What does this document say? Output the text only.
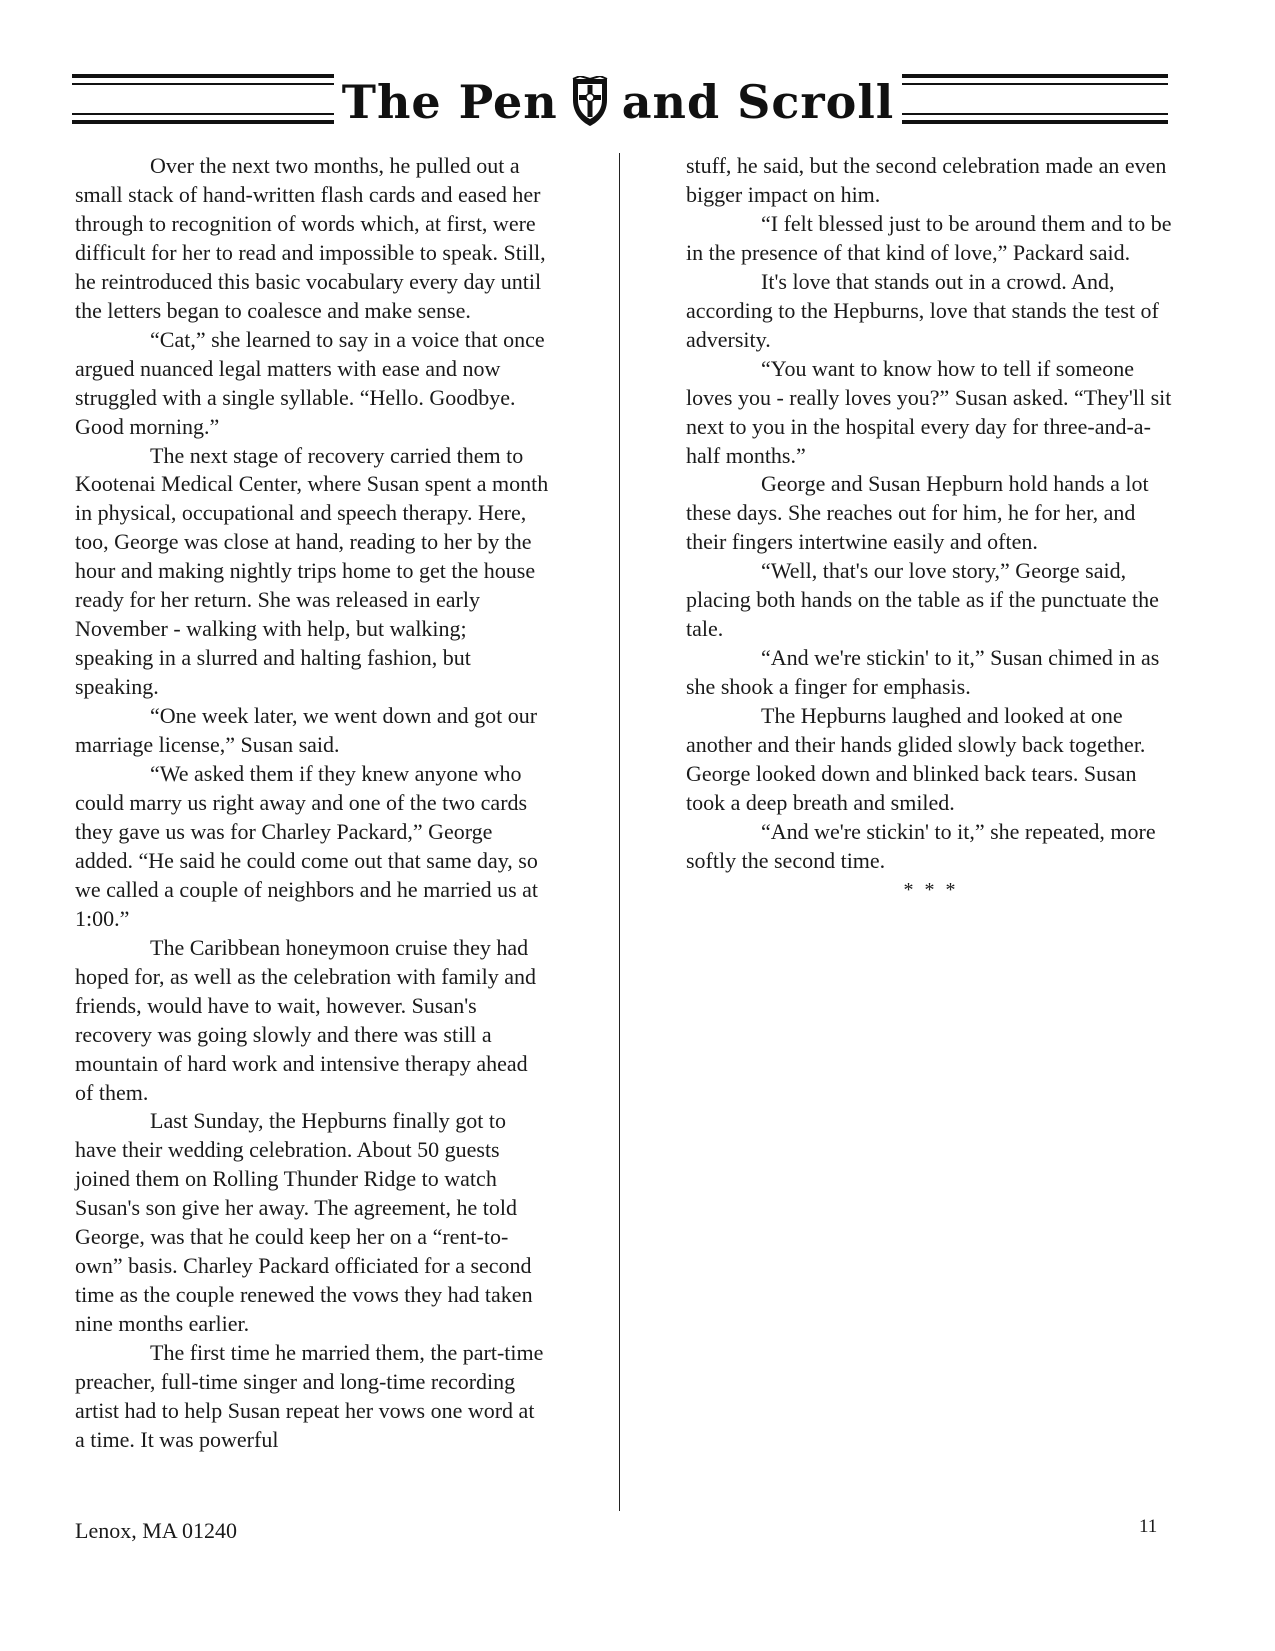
The Pen and Scroll

Over the next two months, he pulled out a small stack of hand-written flash cards and eased her through to recognition of words which, at first, were difficult for her to read and impossible to speak. Still, he reintroduced this basic vocabulary every day until the letters began to coalesce and make sense.

“Cat,” she learned to say in a voice that once argued nuanced legal matters with ease and now struggled with a single syllable. “Hello. Goodbye. Good morning.”

The next stage of recovery carried them to Kootenai Medical Center, where Susan spent a month in physical, occupational and speech therapy. Here, too, George was close at hand, reading to her by the hour and making nightly trips home to get the house ready for her return. She was released in early November - walking with help, but walking; speaking in a slurred and halting fashion, but speaking.

“One week later, we went down and got our marriage license,” Susan said.

“We asked them if they knew anyone who could marry us right away and one of the two cards they gave us was for Charley Packard,” George added. “He said he could come out that same day, so we called a couple of neighbors and he married us at 1:00.”

The Caribbean honeymoon cruise they had hoped for, as well as the celebration with family and friends, would have to wait, however. Susan's recovery was going slowly and there was still a mountain of hard work and intensive therapy ahead of them.

Last Sunday, the Hepburns finally got to have their wedding celebration. About 50 guests joined them on Rolling Thunder Ridge to watch Susan's son give her away. The agreement, he told George, was that he could keep her on a “rent-to-own” basis. Charley Packard officiated for a second time as the couple renewed the vows they had taken nine months earlier.

The first time he married them, the part-time preacher, full-time singer and long-time recording artist had to help Susan repeat her vows one word at a time. It was powerful

stuff, he said, but the second celebration made an even bigger impact on him.

“I felt blessed just to be around them and to be in the presence of that kind of love,” Packard said.

It's love that stands out in a crowd. And, according to the Hepburns, love that stands the test of adversity.

“You want to know how to tell if someone loves you - really loves you?” Susan asked. “They'll sit next to you in the hospital every day for three-and-a-half months.”

George and Susan Hepburn hold hands a lot these days. She reaches out for him, he for her, and their fingers intertwine easily and often.

“Well, that's our love story,” George said, placing both hands on the table as if the punctuate the tale.

“And we're stickin' to it,” Susan chimed in as she shook a finger for emphasis.

The Hepburns laughed and looked at one another and their hands glided slowly back together. George looked down and blinked back tears. Susan took a deep breath and smiled.

“And we're stickin' to it,” she repeated, more softly the second time.

* * *

Lenox, MA 01240	11
